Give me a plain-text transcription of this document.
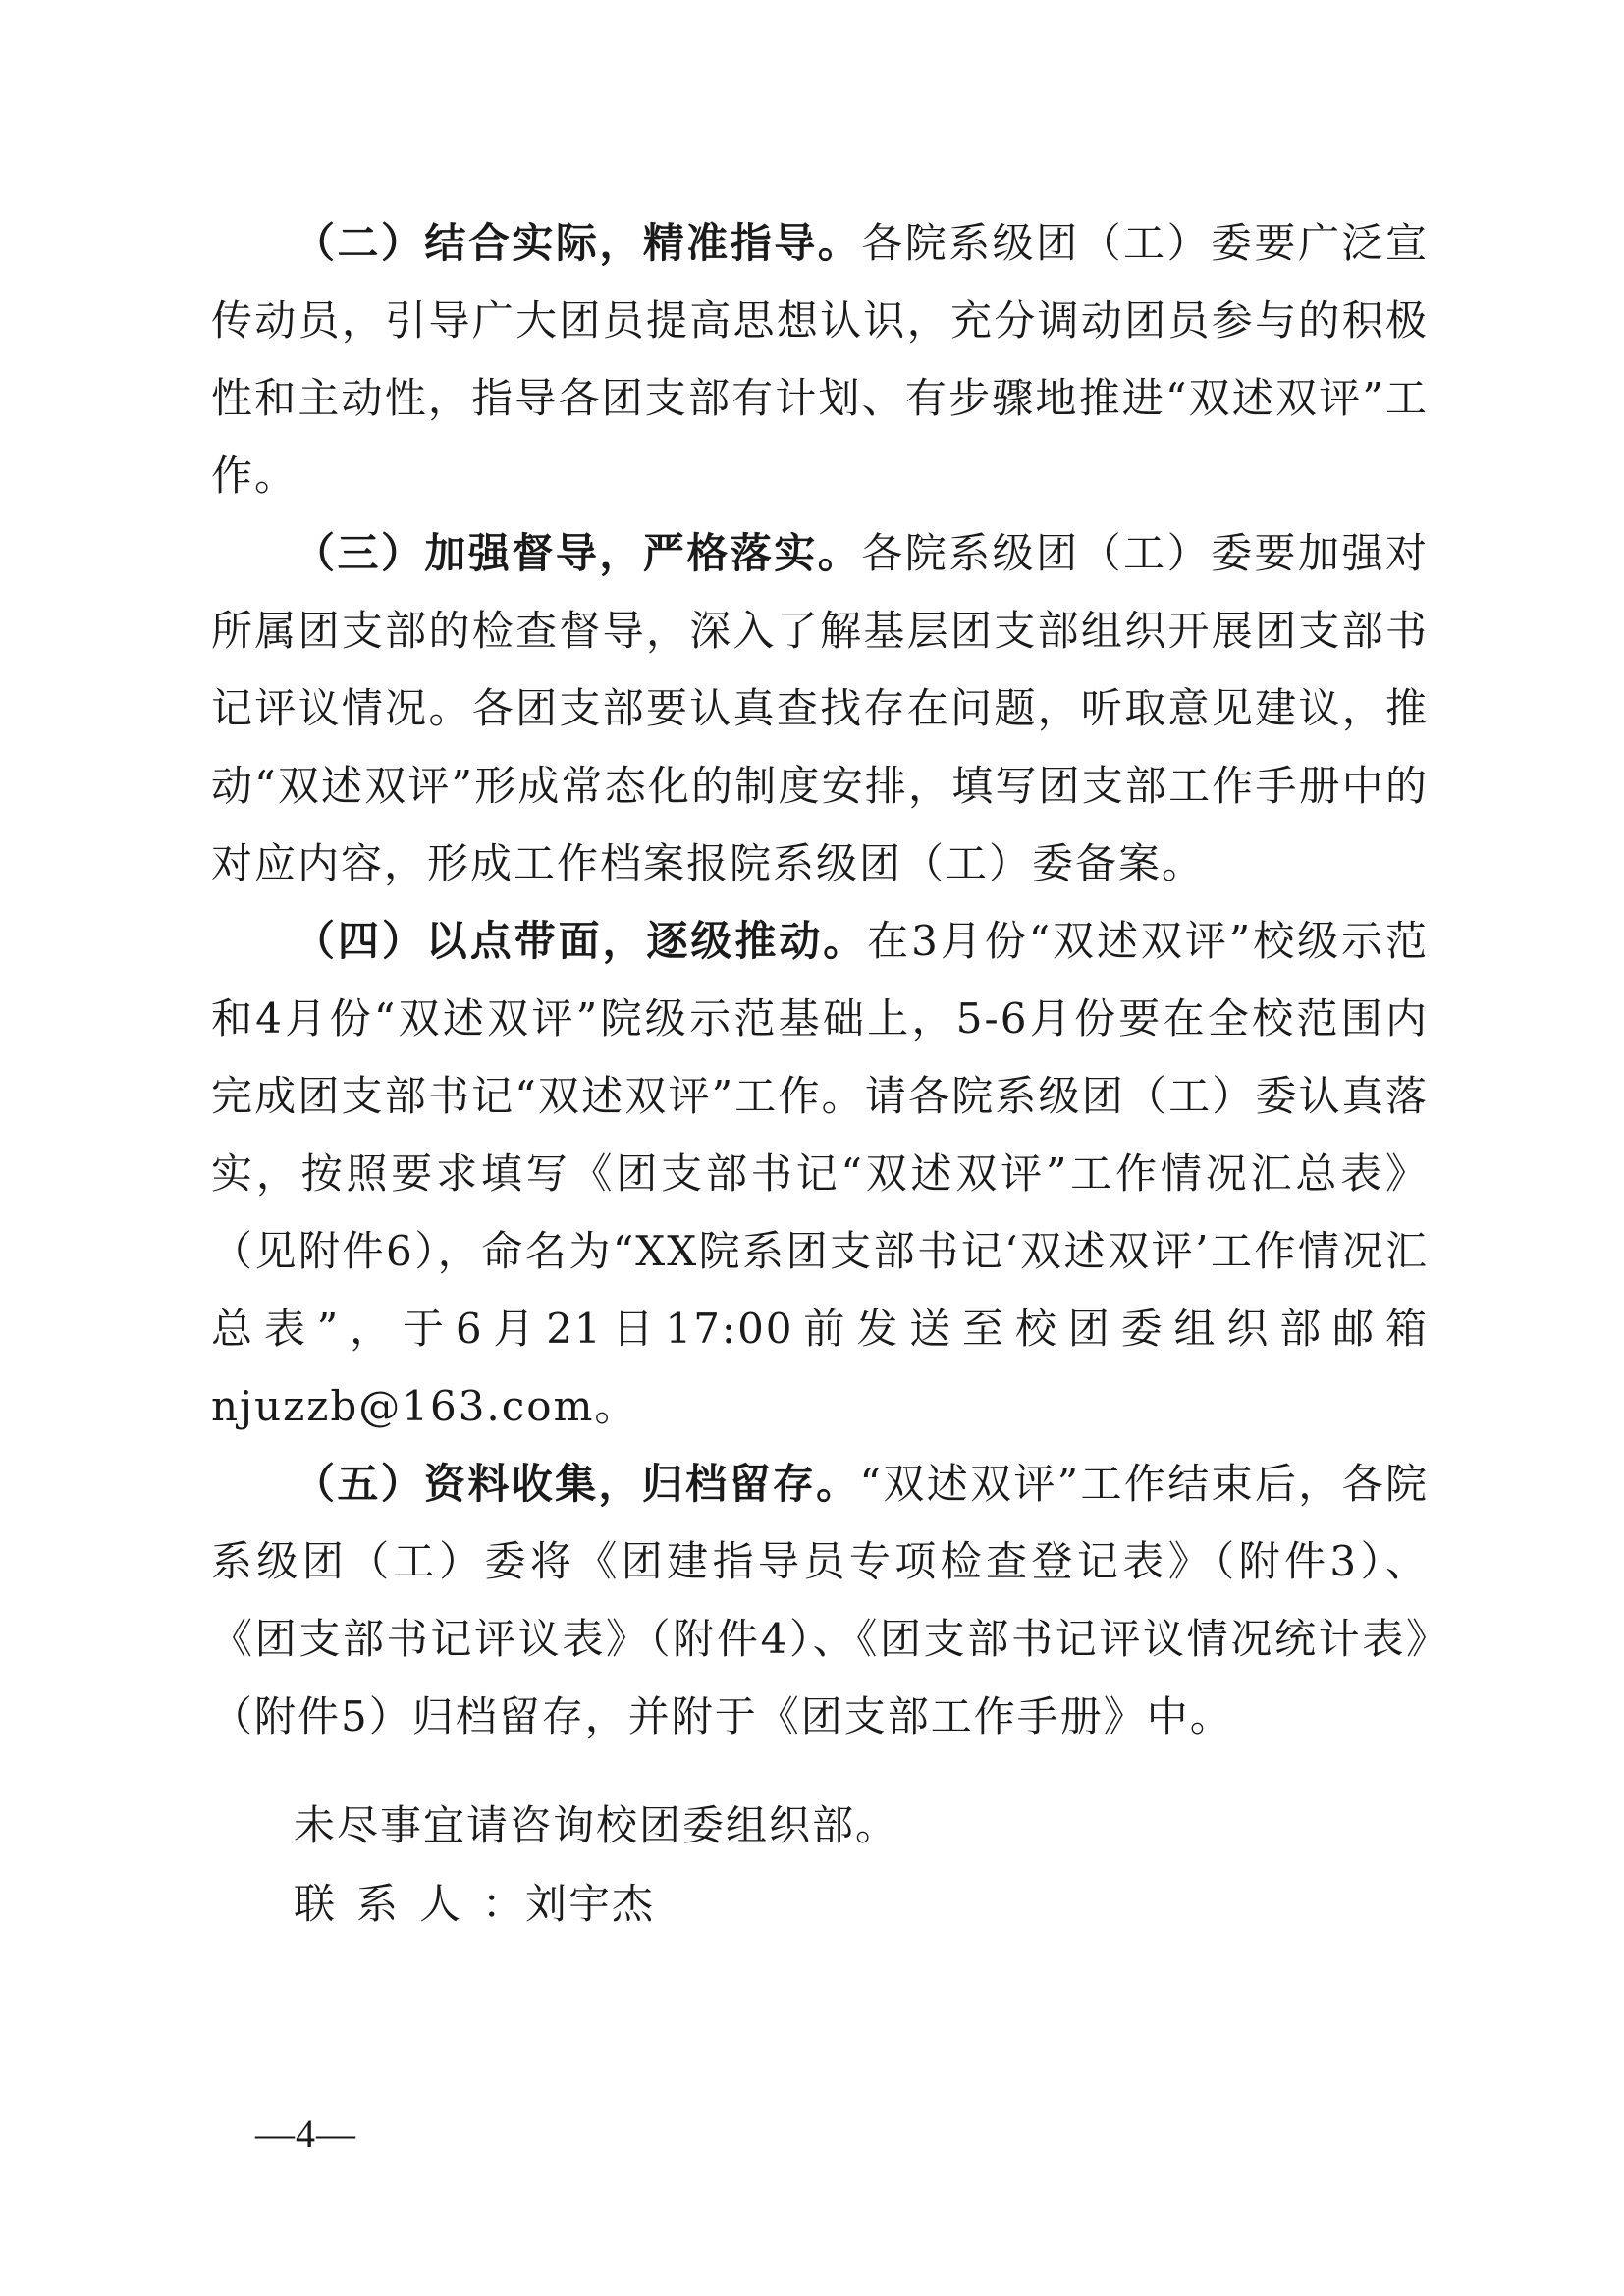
（二）结合实际，精准指导。各院系级团（工）委要广泛宣传动员，引导广大团员提高思想认识，充分调动团员参与的积极性和主动性，指导各团支部有计划、有步骤地推进“双述双评”工作。

（三）加强督导，严格落实。各院系级团（工）委要加强对所属团支部的检查督导，深入了解基层团支部组织开展团支部书记评议情况。各团支部要认真查找存在问题，听取意见建议，推动“双述双评”形成常态化的制度安排，填写团支部工作手册中的对应内容，形成工作档案报院系级团（工）委备案。

（四）以点带面，逐级推动。在3月份“双述双评”校级示范和4月份“双述双评”院级示范基础上，5-6月份要在全校范围内完成团支部书记“双述双评”工作。请各院系级团（工）委认真落实，按照要求填写《团支部书记“双述双评”工作情况汇总表》（见附件6），命名为“XX院系团支部书记‘双述双评’工作情况汇总表”，于6月21日17:00前发送至校团委组织部邮箱njuzzb@163.com。

（五）资料收集，归档留存。“双述双评”工作结束后，各院系级团（工）委将《团建指导员专项检查登记表》（附件3）、《团支部书记评议表》（附件4）、《团支部书记评议情况统计表》（附件5）归档留存，并附于《团支部工作手册》中。

未尽事宜请咨询校团委组织部。

联系人：刘宇杰

—4—
